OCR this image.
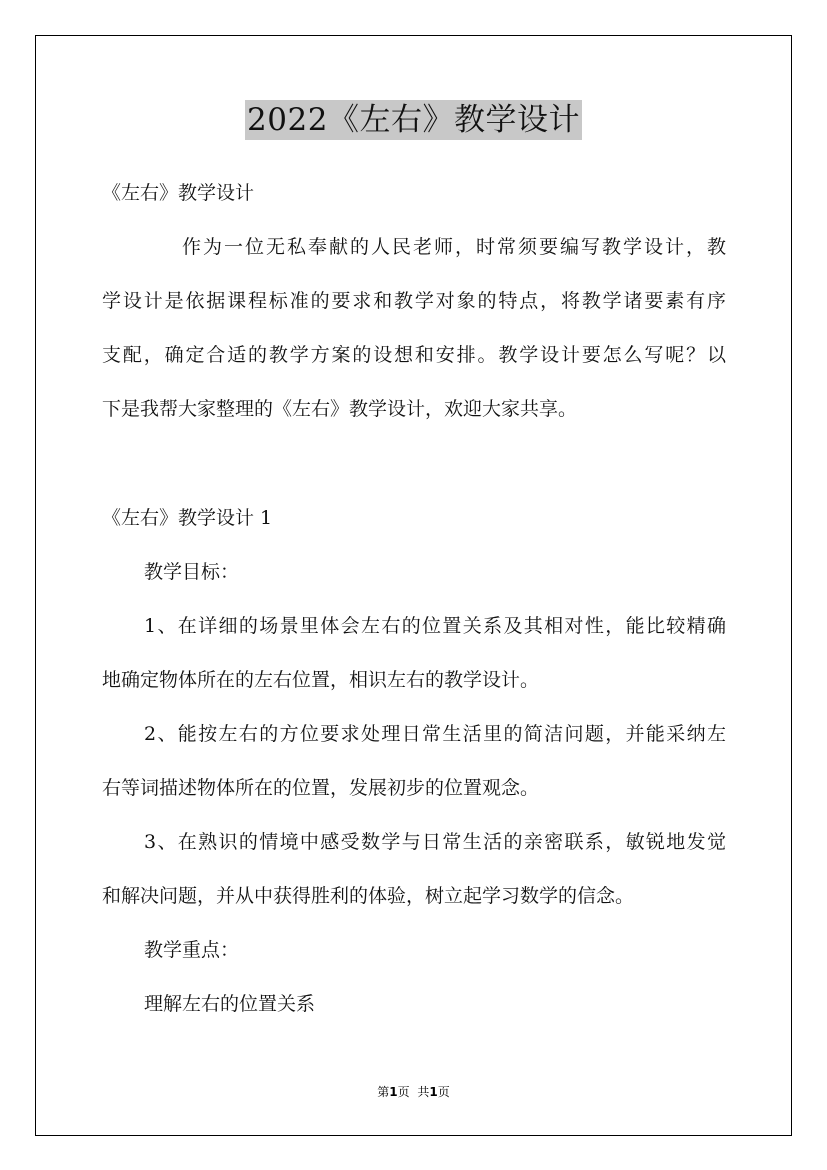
2022《左右》教学设计
《左右》教学设计
作为一位无私奉献的人民老师，时常须要编写教学设计，教
学设计是依据课程标准的要求和教学对象的特点，将教学诸要素有序
支配，确定合适的教学方案的设想和安排。教学设计要怎么写呢？以
下是我帮大家整理的《左右》教学设计，欢迎大家共享。
《左右》教学设计 1
教学目标：
1、在详细的场景里体会左右的位置关系及其相对性，能比较精确
地确定物体所在的左右位置，相识左右的教学设计。
2、能按左右的方位要求处理日常生活里的简洁问题，并能采纳左
右等词描述物体所在的位置，发展初步的位置观念。
3、在熟识的情境中感受数学与日常生活的亲密联系，敏锐地发觉
和解决问题，并从中获得胜利的体验，树立起学习数学的信念。
教学重点：
理解左右的位置关系
第1页 共1页
